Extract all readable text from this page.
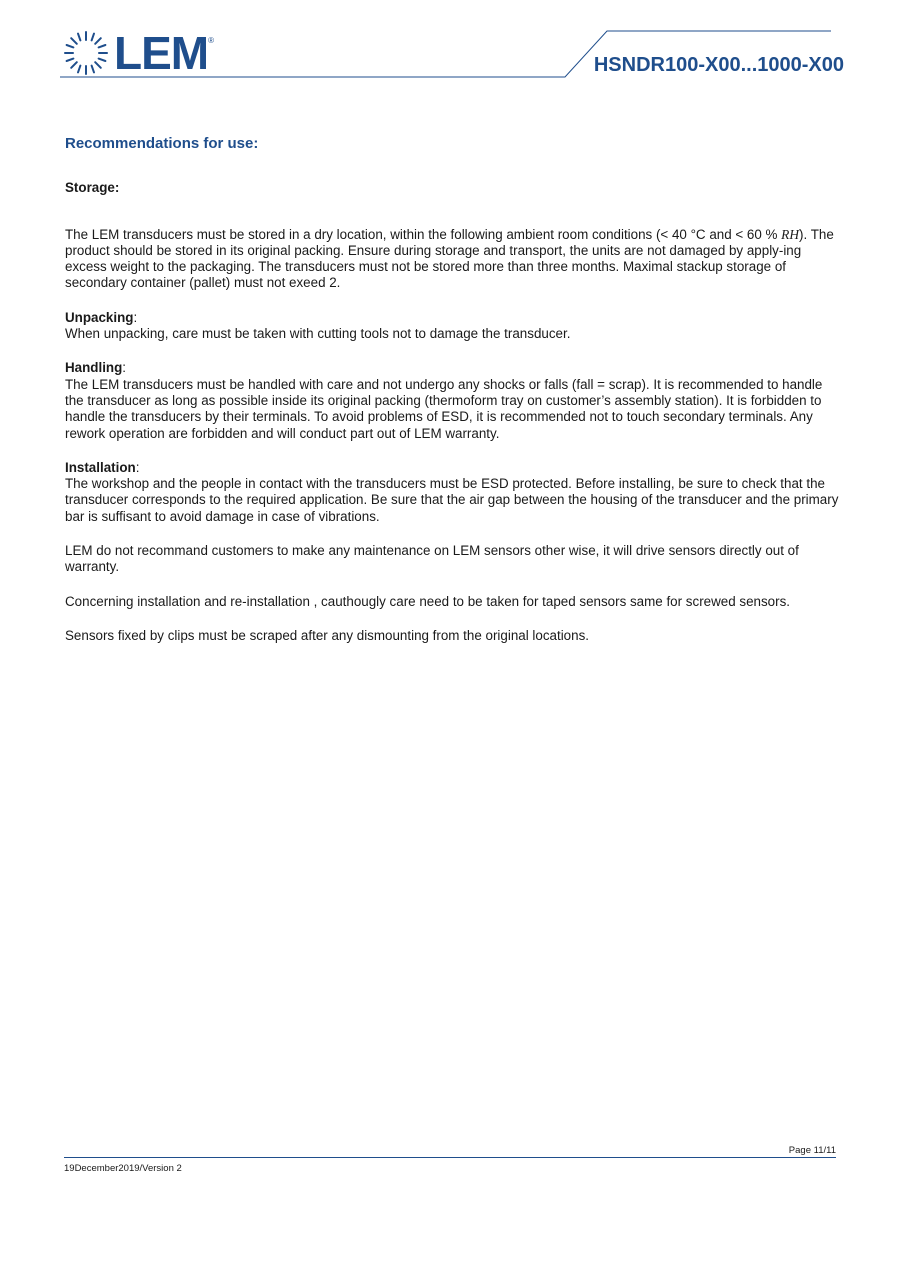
LEM ®
HSNDR100-X00...1000-X00
Recommendations for use:
Storage:

The LEM transducers must be stored in a dry location, within the following ambient room conditions (< 40 °C and < 60 % RH). The product should be stored in its original packing. Ensure during storage and transport, the units are not damaged by apply-ing excess weight to the packaging. The transducers must not be stored more than three months. Maximal stackup storage of secondary container (pallet) must not exeed 2.

Unpacking:
When unpacking, care must be taken with cutting tools not to damage the transducer.

Handling:
The LEM transducers must be handled with care and not undergo any shocks or falls (fall = scrap). It is recommended to handle the transducer as long as possible inside its original packing (thermoform tray on customer’s assembly station). It is forbidden to handle the transducers by their terminals. To avoid problems of ESD, it is recommended not to touch secondary terminals. Any rework operation are forbidden and will conduct part out of LEM warranty.

Installation:
The workshop and the people in contact with the transducers must be ESD protected. Before installing, be sure to check that the transducer corresponds to the required application. Be sure that the air gap between the housing of the transducer and the primary bar is suffisant to avoid damage in case of vibrations.

LEM do not recommand customers to make any maintenance on LEM sensors other wise, it will drive sensors directly out of warranty.

Concerning installation and re-installation , cauthougly care need to be taken for taped sensors same for screwed sensors.

Sensors fixed by clips must be scraped after any dismounting from the original locations.

Page 11/11
19December2019/Version 2
